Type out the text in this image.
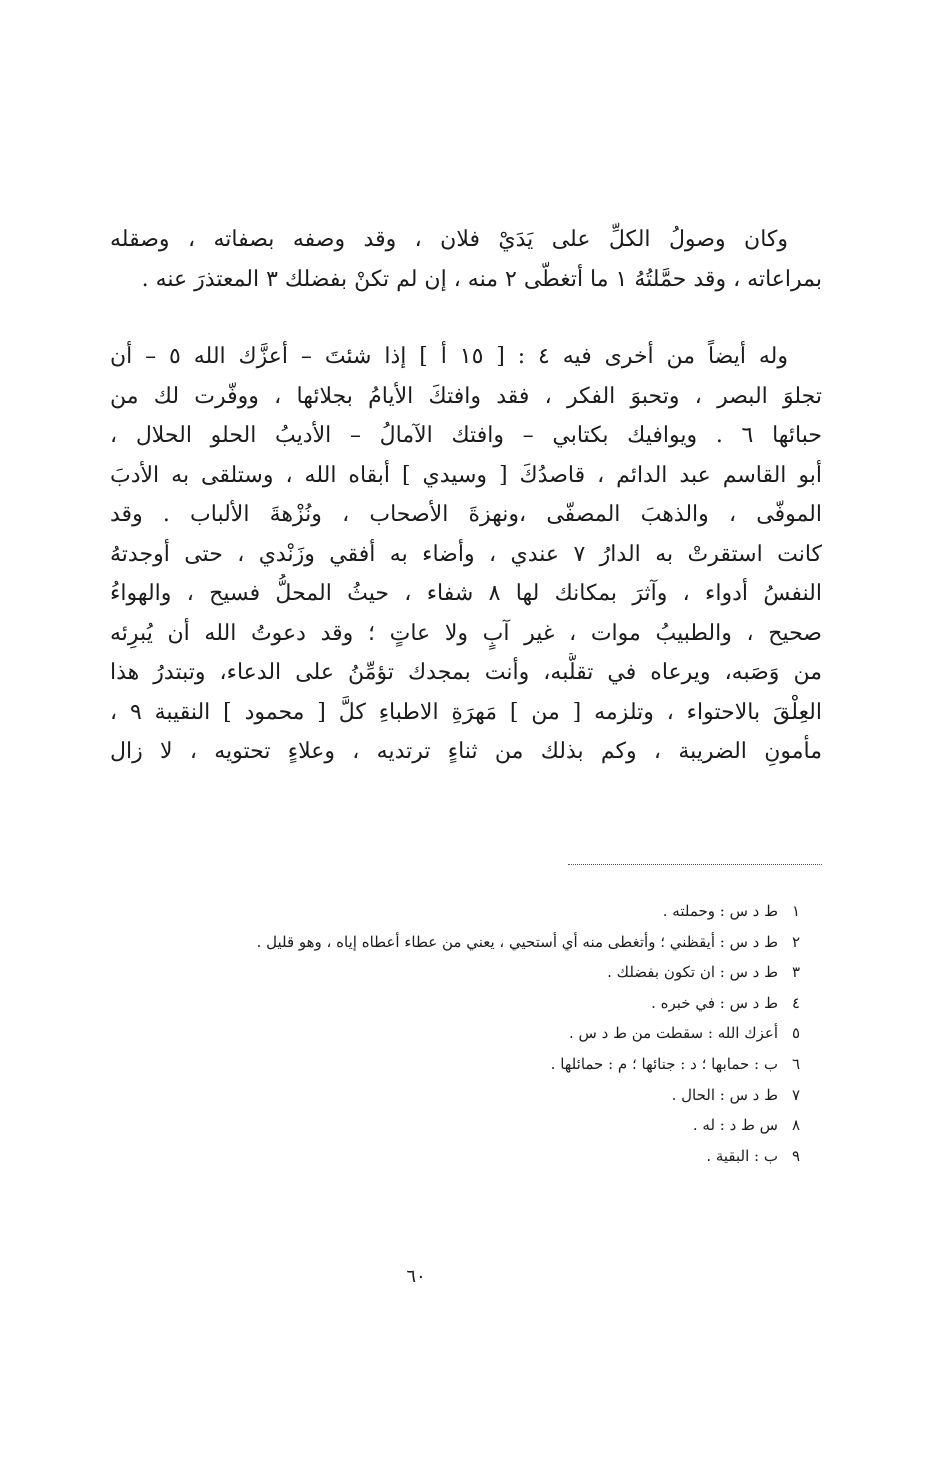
وكان وصولُ الكلِّ على يَدَيْ فلان ، وقد وصفه بصفاته ، وصقله
بمراعاته ، وقد حمَّلتُهُ ١ ما أتغطّى ٢ منه ، إن لم تكنْ بفضلك ٣ المعتذرَ عنه .

وله أيضاً من أخرى فيه ٤ : [ ١٥ أ ] إذا شئتَ – أعزَّك الله ٥ – أن
تجلوَ البصر ، وتحبوَ الفكر ، فقد وافتكَ الأيامُ بجلائها ، ووفّرت لك من
حبائها ٦ . ويوافيك بكتابي – وافتك الآمالُ – الأديبُ الحلو الحلال ،
أبو القاسم عبد الدائم ، قاصدُكَ [ وسيدي ] أبقاه الله ، وستلقى به الأدبَ
الموفّى ، والذهبَ المصفّى ،ونهزةَ الأصحاب ، ونُزْهةَ الألباب . وقد
كانت استقرتْ به الدارُ ٧ عندي ، وأضاء به أفقي وزَنْدي ، حتى أوجدتهُ
النفسُ أدواء ، وآثرَ بمكانك لها ٨ شفاء ، حيثُ المحلُّ فسيح ، والهواءُ
صحيح ، والطبيبُ موات ، غير آبٍ ولا عاتٍ ؛ وقد دعوتُ الله أن يُبرِئه
من وَصَبه، ويرعاه في تقلُّبه، وأنت بمجدك تؤمِّنُ على الدعاء، وتبتدرُ هذا
العِلْقَ بالاحتواء ، وتلزمه [ من ] مَهرَةِ الاطباءِ كلَّ [ محمود ] النقيبة ٩ ،
مأمونِ الضريبة ، وكم بذلك من ثناءٍ ترتديه ، وعلاءٍ تحتويه ، لا زال

١
ط د س : وحملته .
٢
ط د س : أيقظني ؛ وأتغطى منه أي أستحيي ، يعني من عطاء أعطاه إياه ، وهو قليل .
٣
ط د س : ان تكون بفضلك .
٤
ط د س : في خبره .
٥
أعزك الله : سقطت من ط د س .
٦
ب : حمابها ؛ د : جنائها ؛ م : حمائلها .
٧
ط د س : الحال .
٨
س ط د : له .
٩
ب : البقية .
٦٠
